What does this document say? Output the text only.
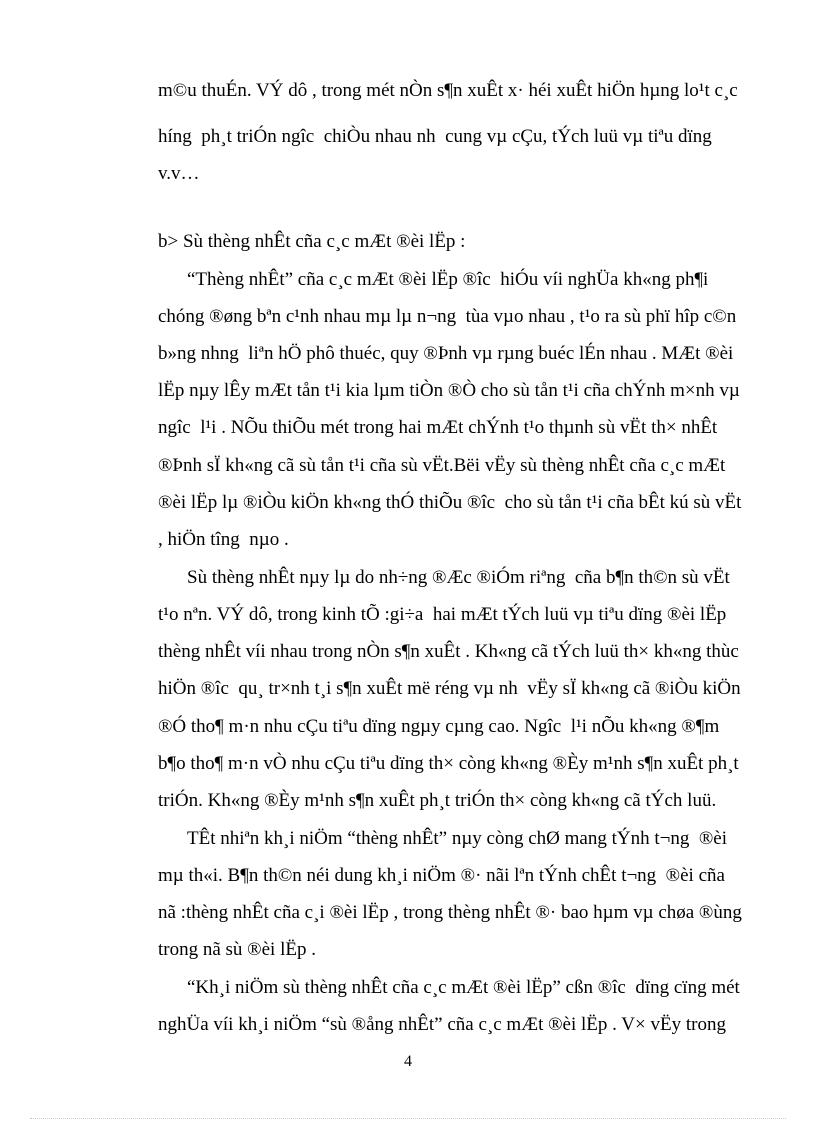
m©u thuÉn. VÝ dô , trong mét nÒn s¶n xuÊt x· héi xuÊt hiÖn hµng lo¹t c¸c
híng  ph¸t triÓn ngîc  chiÒu nhau nh  cung vµ cÇu, tÝch luü vµ tiªu dïng
v.v…
b> Sù thèng nhÊt cña c¸c mÆt ®èi lËp :
“Thèng nhÊt” cña c¸c mÆt ®èi lËp ®îc  hiÓu víi nghÜa kh«ng ph¶i
chóng ®øng bªn c¹nh nhau mµ lµ n¬ng  tùa vµo nhau , t¹o ra sù phï hîp c©n
b»ng nhng  liªn hÖ phô thuéc, quy ®Þnh vµ rµng buéc lÉn nhau . MÆt ®èi
lËp nµy lÊy mÆt tån t¹i kia lµm tiÒn ®Ò cho sù tån t¹i cña chÝnh m×nh vµ
ngîc  l¹i . NÕu thiÕu mét trong hai mÆt chÝnh t¹o thµnh sù vËt th× nhÊt
®Þnh sÏ kh«ng cã sù tån t¹i cña sù vËt.Bëi vËy sù thèng nhÊt cña c¸c mÆt
®èi lËp lµ ®iÒu kiÖn kh«ng thÓ thiÕu ®îc  cho sù tån t¹i cña bÊt kú sù vËt
, hiÖn tîng  nµo .
Sù thèng nhÊt nµy lµ do nh÷ng ®Æc ®iÓm riªng  cña b¶n th©n sù vËt
t¹o nªn. VÝ dô, trong kinh tÕ :gi÷a  hai mÆt tÝch luü vµ tiªu dïng ®èi lËp
thèng nhÊt víi nhau trong nÒn s¶n xuÊt . Kh«ng cã tÝch luü th× kh«ng thùc
hiÖn ®îc  qu¸ tr×nh t¸i s¶n xuÊt më réng vµ nh  vËy sÏ kh«ng cã ®iÒu kiÖn
®Ó tho¶ m·n nhu cÇu tiªu dïng ngµy cµng cao. Ngîc  l¹i nÕu kh«ng ®¶m
b¶o tho¶ m·n vÒ nhu cÇu tiªu dïng th× còng kh«ng ®Èy m¹nh s¶n xuÊt ph¸t
triÓn. Kh«ng ®Èy m¹nh s¶n xuÊt ph¸t triÓn th× còng kh«ng cã tÝch luü.
TÊt nhiªn kh¸i niÖm “thèng nhÊt” nµy còng chØ mang tÝnh t¬ng  ®èi
mµ th«i. B¶n th©n néi dung kh¸i niÖm ®· nãi lªn tÝnh chÊt t¬ng  ®èi cña
nã :thèng nhÊt cña c¸i ®èi lËp , trong thèng nhÊt ®· bao hµm vµ chøa ®ùng
trong nã sù ®èi lËp .
“Kh¸i niÖm sù thèng nhÊt cña c¸c mÆt ®èi lËp” cßn ®îc  dïng cïng mét
nghÜa víi kh¸i niÖm “sù ®ång nhÊt” cña c¸c mÆt ®èi lËp . V× vËy trong
4
